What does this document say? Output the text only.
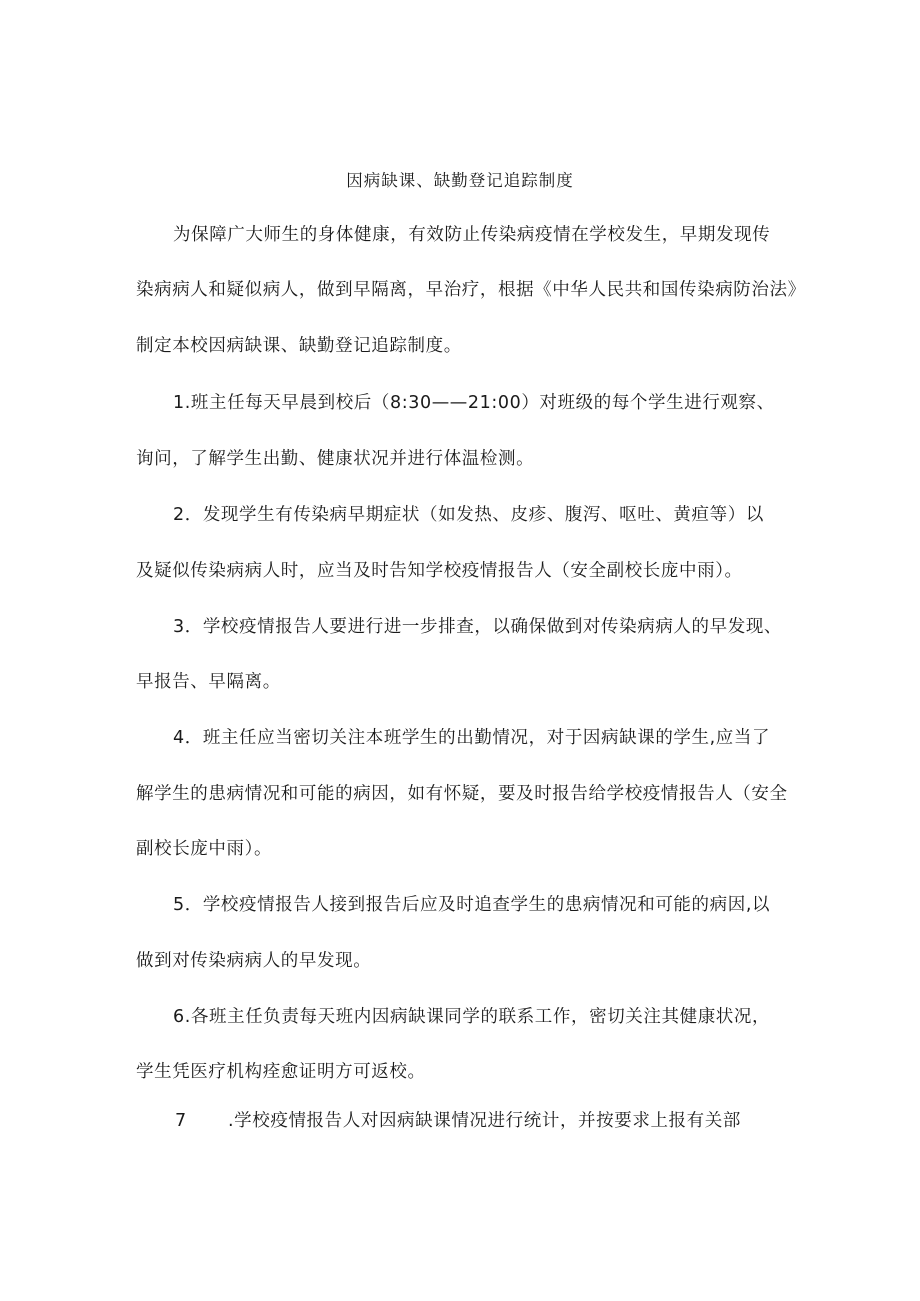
因病缺课、缺勤登记追踪制度
为保障广大师生的身体健康，有效防止传染病疫情在学校发生，早期发现传
染病病人和疑似病人，做到早隔离，早治疗，根据《中华人民共和国传染病防治法》
制定本校因病缺课、缺勤登记追踪制度。
1.班主任每天早晨到校后（8:30——21:00）对班级的每个学生进行观察、
询问，了解学生出勤、健康状况并进行体温检测。
2．发现学生有传染病早期症状（如发热、皮疹、腹泻、呕吐、黄疸等）以
及疑似传染病病人时，应当及时告知学校疫情报告人（安全副校长庞中雨）。
3．学校疫情报告人要进行进一步排查，以确保做到对传染病病人的早发现、
早报告、早隔离。
4．班主任应当密切关注本班学生的出勤情况，对于因病缺课的学生,应当了
解学生的患病情况和可能的病因，如有怀疑，要及时报告给学校疫情报告人（安全
副校长庞中雨）。
5．学校疫情报告人接到报告后应及时追查学生的患病情况和可能的病因,以
做到对传染病病人的早发现。
6.各班主任负责每天班内因病缺课同学的联系工作，密切关注其健康状况，
学生凭医疗机构痊愈证明方可返校。
7 .学校疫情报告人对因病缺课情况进行统计，并按要求上报有关部
